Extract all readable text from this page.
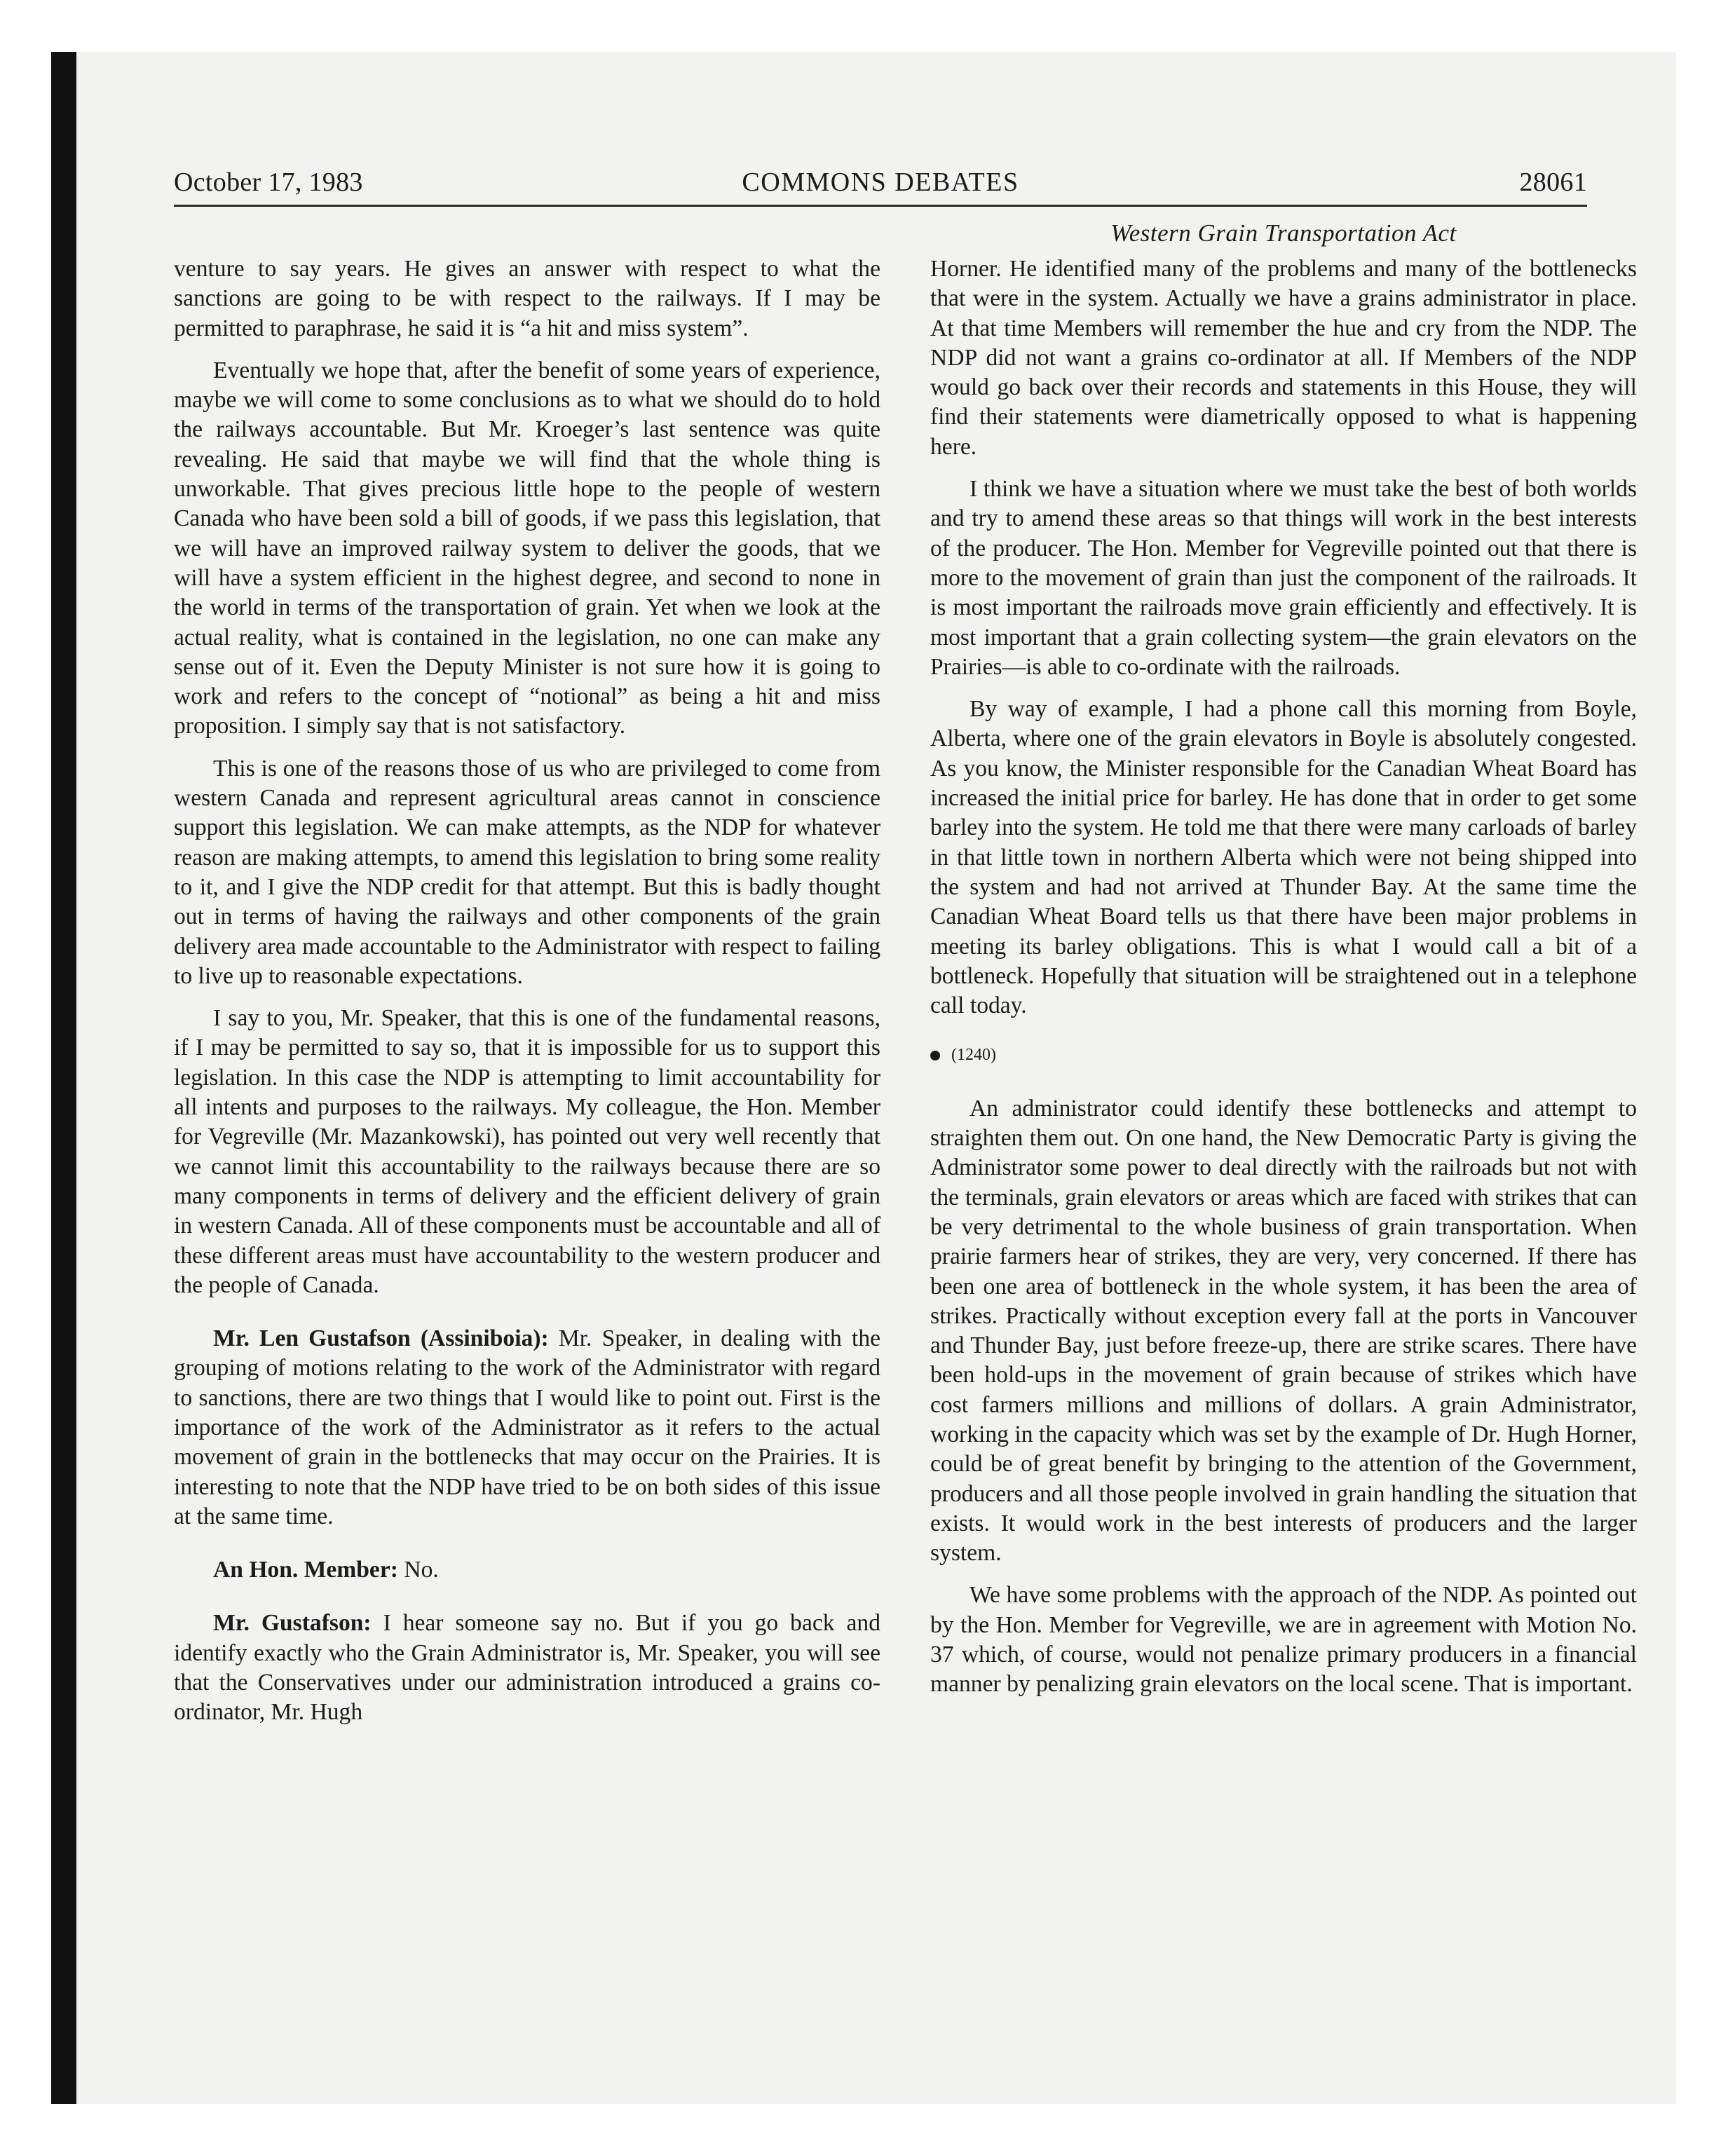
October 17, 1983	COMMONS DEBATES	28061
Western Grain Transportation Act

venture to say years. He gives an answer with respect to what the sanctions are going to be with respect to the railways. If I may be permitted to paraphrase, he said it is “a hit and miss system”.

Eventually we hope that, after the benefit of some years of experience, maybe we will come to some conclusions as to what we should do to hold the railways accountable. But Mr. Kroeger’s last sentence was quite revealing. He said that maybe we will find that the whole thing is unworkable. That gives precious little hope to the people of western Canada who have been sold a bill of goods, if we pass this legislation, that we will have an improved railway system to deliver the goods, that we will have a system efficient in the highest degree, and second to none in the world in terms of the transportation of grain. Yet when we look at the actual reality, what is contained in the legislation, no one can make any sense out of it. Even the Deputy Minister is not sure how it is going to work and refers to the concept of “notional” as being a hit and miss proposition. I simply say that is not satisfactory.

This is one of the reasons those of us who are privileged to come from western Canada and represent agricultural areas cannot in conscience support this legislation. We can make attempts, as the NDP for whatever reason are making attempts, to amend this legislation to bring some reality to it, and I give the NDP credit for that attempt. But this is badly thought out in terms of having the railways and other components of the grain delivery area made accountable to the Administrator with respect to failing to live up to reasonable expectations.

I say to you, Mr. Speaker, that this is one of the fundamental reasons, if I may be permitted to say so, that it is impossible for us to support this legislation. In this case the NDP is attempting to limit accountability for all intents and purposes to the railways. My colleague, the Hon. Member for Vegreville (Mr. Mazankowski), has pointed out very well recently that we cannot limit this accountability to the railways because there are so many components in terms of delivery and the efficient delivery of grain in western Canada. All of these components must be accountable and all of these different areas must have accountability to the western producer and the people of Canada.

Mr. Len Gustafson (Assiniboia): Mr. Speaker, in dealing with the grouping of motions relating to the work of the Administrator with regard to sanctions, there are two things that I would like to point out. First is the importance of the work of the Administrator as it refers to the actual movement of grain in the bottlenecks that may occur on the Prairies. It is interesting to note that the NDP have tried to be on both sides of this issue at the same time.

An Hon. Member: No.

Mr. Gustafson: I hear someone say no. But if you go back and identify exactly who the Grain Administrator is, Mr. Speaker, you will see that the Conservatives under our administration introduced a grains co-ordinator, Mr. Hugh

Horner. He identified many of the problems and many of the bottlenecks that were in the system. Actually we have a grains administrator in place. At that time Members will remember the hue and cry from the NDP. The NDP did not want a grains co-ordinator at all. If Members of the NDP would go back over their records and statements in this House, they will find their statements were diametrically opposed to what is happening here.

I think we have a situation where we must take the best of both worlds and try to amend these areas so that things will work in the best interests of the producer. The Hon. Member for Vegreville pointed out that there is more to the movement of grain than just the component of the railroads. It is most important the railroads move grain efficiently and effectively. It is most important that a grain collecting system—the grain elevators on the Prairies—is able to co-ordinate with the railroads.

By way of example, I had a phone call this morning from Boyle, Alberta, where one of the grain elevators in Boyle is absolutely congested. As you know, the Minister responsible for the Canadian Wheat Board has increased the initial price for barley. He has done that in order to get some barley into the system. He told me that there were many carloads of barley in that little town in northern Alberta which were not being shipped into the system and had not arrived at Thunder Bay. At the same time the Canadian Wheat Board tells us that there have been major problems in meeting its barley obligations. This is what I would call a bit of a bottleneck. Hopefully that situation will be straightened out in a telephone call today.

(1240)

An administrator could identify these bottlenecks and attempt to straighten them out. On one hand, the New Democratic Party is giving the Administrator some power to deal directly with the railroads but not with the terminals, grain elevators or areas which are faced with strikes that can be very detrimental to the whole business of grain transportation. When prairie farmers hear of strikes, they are very, very concerned. If there has been one area of bottleneck in the whole system, it has been the area of strikes. Practically without exception every fall at the ports in Vancouver and Thunder Bay, just before freeze-up, there are strike scares. There have been hold-ups in the movement of grain because of strikes which have cost farmers millions and millions of dollars. A grain Administrator, working in the capacity which was set by the example of Dr. Hugh Horner, could be of great benefit by bringing to the attention of the Government, producers and all those people involved in grain handling the situation that exists. It would work in the best interests of producers and the larger system.

We have some problems with the approach of the NDP. As pointed out by the Hon. Member for Vegreville, we are in agreement with Motion No. 37 which, of course, would not penalize primary producers in a financial manner by penalizing grain elevators on the local scene. That is important.
